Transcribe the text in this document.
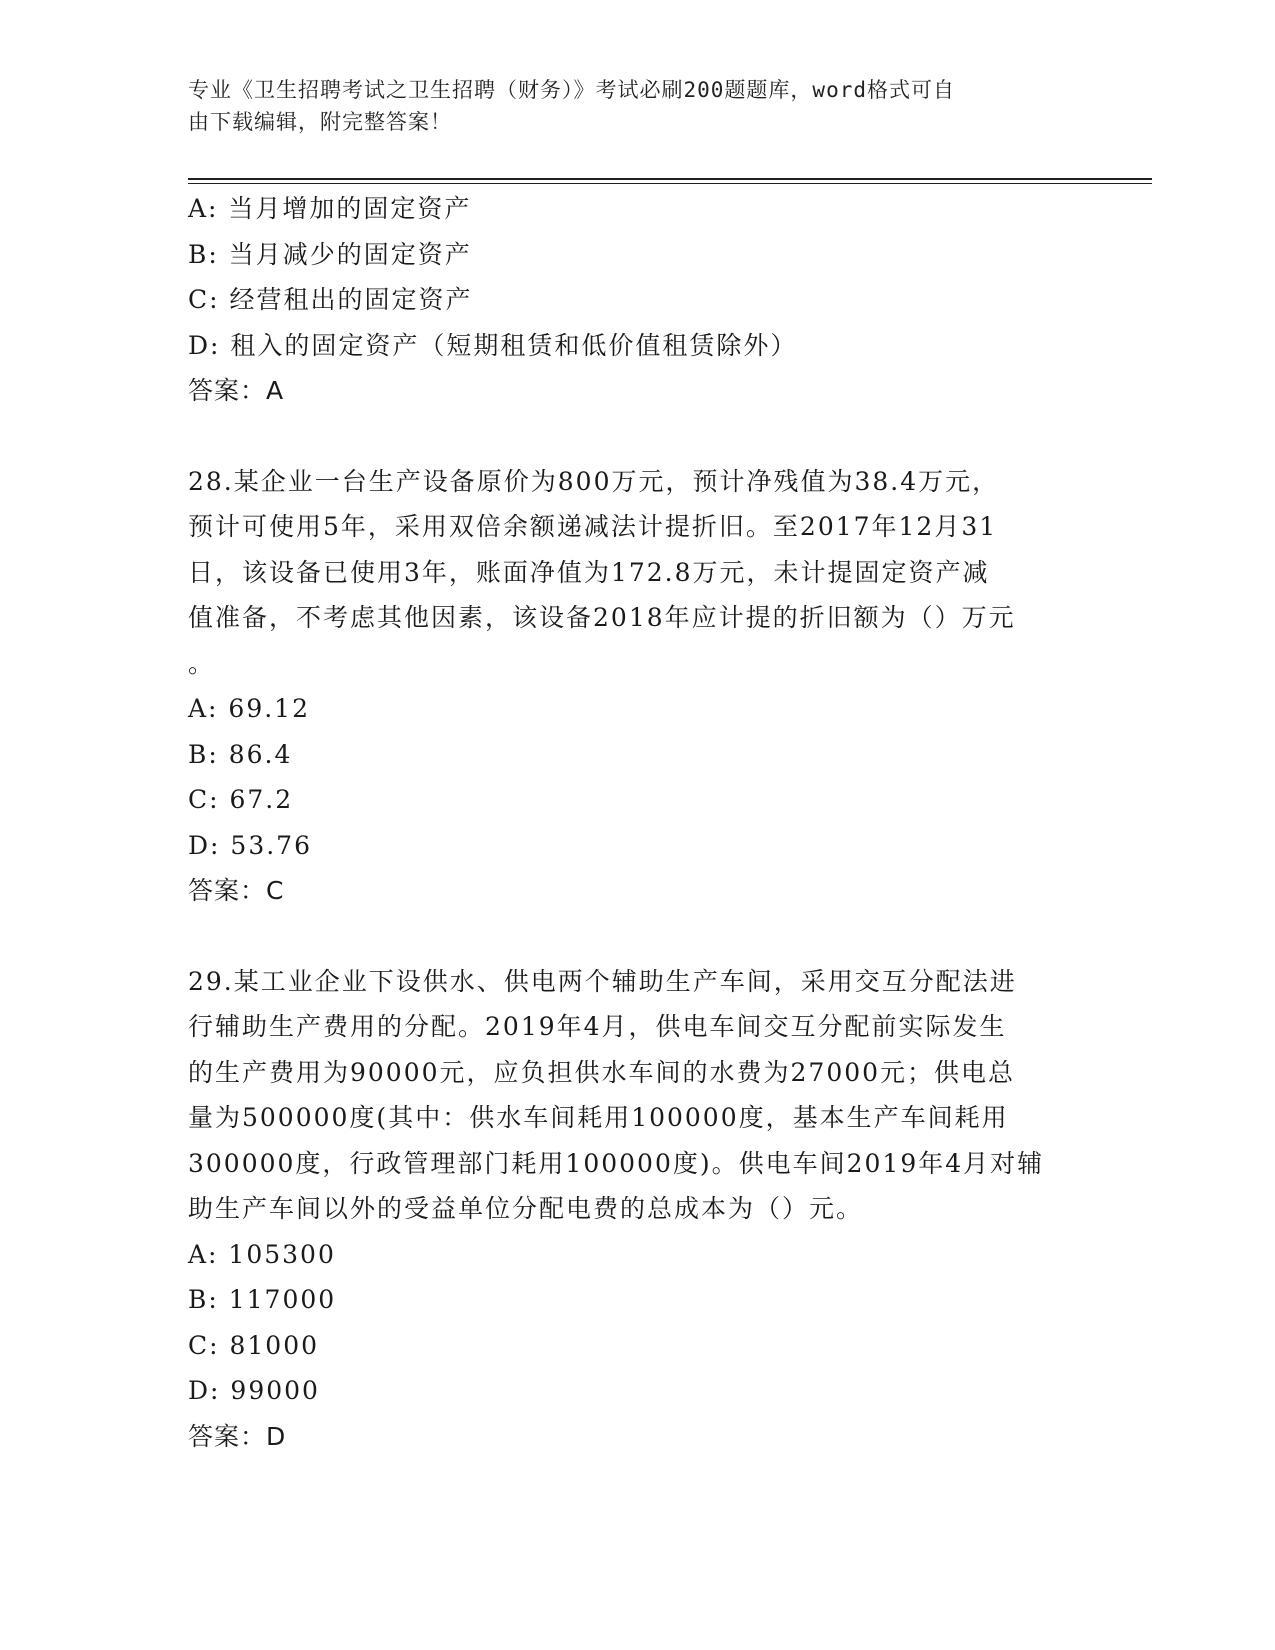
专业《卫生招聘考试之卫生招聘（财务）》考试必刷200题题库，word格式可自
由下载编辑，附完整答案！
A: 当月增加的固定资产
B: 当月减少的固定资产
C: 经营租出的固定资产
D: 租入的固定资产（短期租赁和低价值租赁除外）
答案：A
28.某企业一台生产设备原价为800万元，预计净残值为38.4万元，
预计可使用5年，采用双倍余额递减法计提折旧。至2017年12月31
日，该设备已使用3年，账面净值为172.8万元，未计提固定资产减
值准备，不考虑其他因素，该设备2018年应计提的折旧额为（）万元
。
A: 69.12
B: 86.4
C: 67.2
D: 53.76
答案：C
29.某工业企业下设供水、供电两个辅助生产车间，采用交互分配法进
行辅助生产费用的分配。2019年4月，供电车间交互分配前实际发生
的生产费用为90000元，应负担供水车间的水费为27000元；供电总
量为500000度(其中：供水车间耗用100000度，基本生产车间耗用
300000度，行政管理部门耗用100000度)。供电车间2019年4月对辅
助生产车间以外的受益单位分配电费的总成本为（）元。
A: 105300
B: 117000
C: 81000
D: 99000
答案：D
